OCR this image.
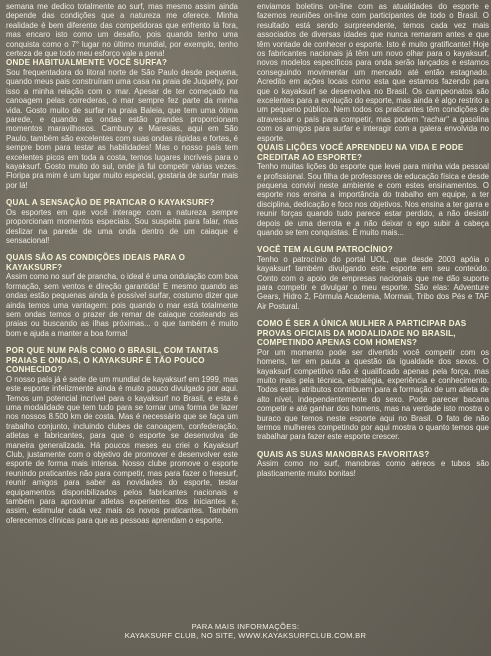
semana me dedico totalmente ao surf, mas mesmo assim ainda depende das condições que a natureza me oferece. Minha realidade é bem diferente das competidoras que enfrento lá fora, mas encaro isto como um desafio, pois quando tenho uma conquista como o 7° lugar no último mundial, por exemplo, tenho certeza de que todo meu esforço vale a pena!

ONDE HABITUALMENTE VOCÊ SURFA?

Sou frequentadora do litoral norte de São Paulo desde pequena, quando meus pais construíram uma casa na praia de Juquehy, por isso a minha relação com o mar. Apesar de ter começado na canoagem pelas correderas, o mar sempre fez parte da minha vida. Gosto muito de surfar na praia Baleia, que tem uma ótima parede, e quando as ondas estão grandes proporcionam momentos maravilhosos. Cambury e Maresias, aqui em São Paulo, também são excelentes com suas ondas rápidas e fortes, é sempre bom para testar as habilidades! Mas o nosso país tem excelentes picos em toda a costa, temos lugares incríveis para o kayaksurf. Gosto muito do sul, onde já fui competir várias vezes. Floripa pra mim é um lugar muito especial, gostaria de surfar mais por lá!

QUAL A SENSAÇÃO DE PRATICAR O KAYAKSURF?

Os esportes em que você interage com a natureza sempre proporcionam momentos especiais. Sou suspeita para falar, mas deslizar na parede de uma onda dentro de um caiaque é sensacional!

QUAIS SÃO AS CONDIÇÕES IDEAIS PARA O KAYAKSURF?

Assim como no surf de prancha, o ideal é uma ondulação com boa formação, sem ventos e direção garantida! E mesmo quando as ondas estão pequenas ainda é possível surfar, costumo dizer que ainda temos uma vantagem: pois quando o mar está totalmente sem ondas temos o prazer de remar de caiaque costeando as praias ou buscando as ilhas próximas... o que também é muito bom e ajuda a manter a boa forma!

POR QUE NUM PAÍS COMO O BRASIL, COM TANTAS PRAIAS E ONDAS, O KAYAKSURF É TÃO POUCO CONHECIDO?

O nosso país já é sede de um mundial de kayaksurf em 1999, mas este esporte infelizmente ainda é muito pouco divulgado por aqui. Temos um potencial incrível para o kayaksurf no Brasil, e esta é uma modalidade que tem tudo para se tornar uma forma de lazer nos nossos 8.500 km de costa. Mas é necessário que se faça um trabalho conjunto, incluindo clubes de canoagem, confederação, atletas e fabricantes, para que o esporte se desenvolva de maneira generalizada. Há poucos meses eu criei o Kayaksurf Club, justamente com o objetivo de promover e desenvolver este esporte de forma mais intensa. Nosso clube promove o esporte reunindo praticantes não para competir, mas para fazer o freesurf, reunir amigos para saber as novidades do esporte, testar equipamentos disponibilizados pelos fabricantes nacionais e também para aproximar atletas experientes dos iniciantes e, assim, estimular cada vez mais os novos praticantes. Também oferecemos clínicas para que as pessoas aprendam o esporte.

enviamos boletins on-line com as atualidades do esporte e fazemos reuniões on-line com participantes de todo o Brasil. O resultado está sendo surpreendente, temos cada vez mais associados de diversas idades que nunca remaram antes e que têm vontade de conhecer o esporte. Isto é muito gratificante! Hoje os fabricantes nacionais já têm um novo olhar para o kayaksurf, novos modelos específicos para onda serão lançados e estamos conseguindo movimentar um mercado até então estagnado. Acredito em ações locais como esta que estamos fazendo para que o kayaksurf se desenvolva no Brasil. Os campeonatos são excelentes para a evolução do esporte, mas ainda é algo restrito a um pequeno público. Nem todos os praticantes têm condições de atravessar o país para competir, mas podem "rachar" a gasolina com os amigos para surfar e interagir com a galera envolvida no esporte.

QUAIS LIÇÕES VOCÊ APRENDEU NA VIDA E PODE CREDITAR AO ESPORTE?

Tenho muitas lições do esporte que levei para minha vida pessoal e profissional. Sou filha de professores de educação física e desde pequena convivi neste ambiente e com estes ensinamentos. O esporte nos ensina a importância do trabalho em equipe, a ter disciplina, dedicação e foco nos objetivos. Nos ensina a ter garra e reunir forças quando tudo parece estar perdido, a não desistir depois de uma derrota e a não deixar o ego subir à cabeça quando se tem conquistas. É muito mais...

VOCÊ TEM ALGUM PATROCÍNIO?

Tenho o patrocínio do portal UOL, que desde 2003 apóia o kayaksurf também divulgando este esporte em seu conteúdo. Conto com o apoio de empresas nacionais que me dão suporte para competir e divulgar o meu esporte. São elas: Adventure Gears, Hidro 2, Fórmula Academia, Mormaii, Tribo dos Pés e TAF Air Postural.

COMO É SER A ÚNICA MULHER A PARTICIPAR DAS PROVAS OFICIAIS DA MODALIDADE NO BRASIL, COMPETINDO APENAS COM HOMENS?

Por um momento pode ser divertido você competir com os homens, ter em pauta a questão da igualdade dos sexos. O kayaksurf competitivo não é qualificado apenas pela força, mas muito mais pela técnica, estratégia, experiência e conhecimento. Todos estes atributos contribuem para a formação de um atleta de alto nível, independentemente do sexo. Pode parecer bacana competir e até ganhar dos homens, mas na verdade isto mostra o buraco que temos neste esporte aqui no Brasil. O fato de não termos mulheres competindo por aqui mostra o quanto temos que trabalhar para fazer este esporte crescer.

QUAIS AS SUAS MANOBRAS FAVORITAS?

Assim como no surf, manobras como aéreos e tubos são plasticamente muito bonitas!

PARA MAIS INFORMAÇÕES:
KAYAKSURF CLUB, NO SITE, WWW.KAYAKSURFCLUB.COM.BR
